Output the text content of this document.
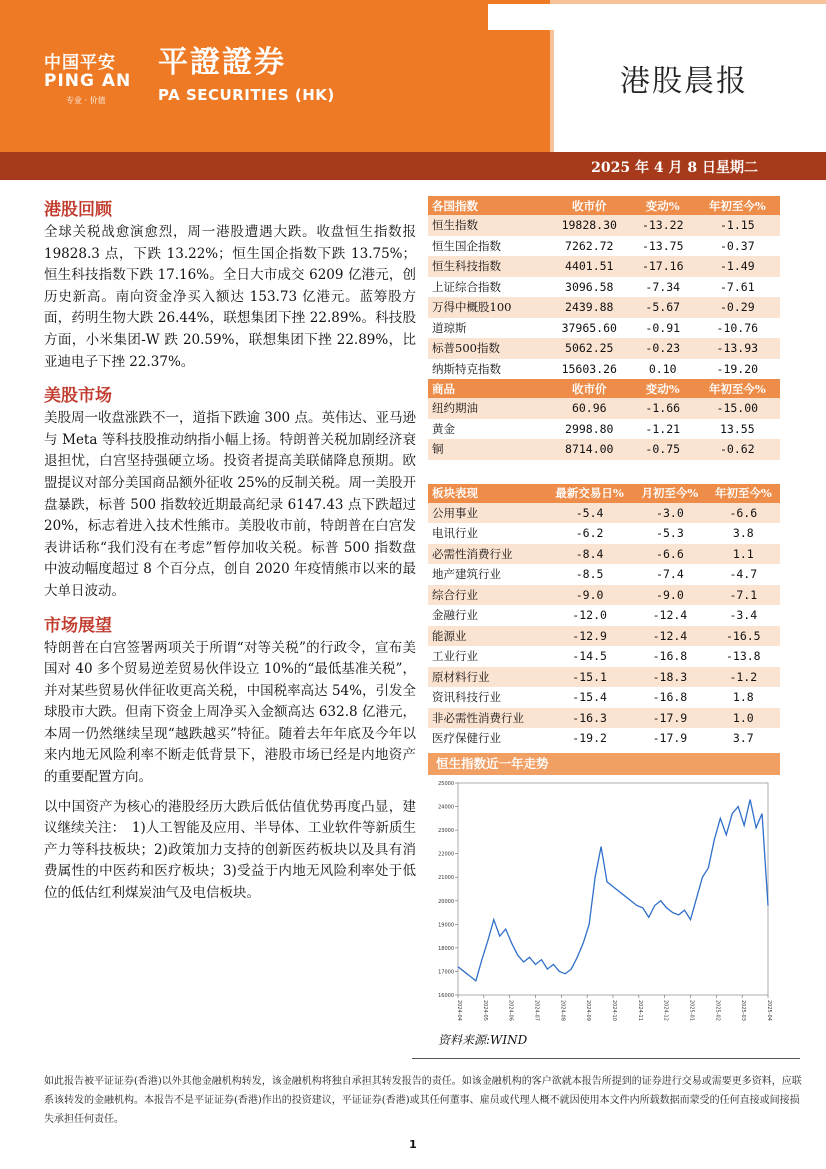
中国平安
PING AN
专业 · 价值
平證證券
PA SECURITIES (HK)	港股晨报
2025 年 4 月 8 日星期二
港股回顾

全球关税战愈演愈烈，周一港股遭遇大跌。收盘恒生指数报 19828.3 点，下跌 13.22%；恒生国企指数下跌 13.75%；恒生科技指数下跌 17.16%。全日大市成交 6209 亿港元，创历史新高。南向资金净买入额达 153.73 亿港元。蓝筹股方面，药明生物大跌 26.44%，联想集团下挫 22.89%。科技股方面，小米集团-W 跌 20.59%，联想集团下挫 22.89%，比亚迪电子下挫 22.37%。

美股市场

美股周一收盘涨跌不一，道指下跌逾 300 点。英伟达、亚马逊与 Meta 等科技股推动纳指小幅上扬。特朗普关税加剧经济衰退担忧，白宫坚持强硬立场。投资者提高美联储降息预期。欧盟提议对部分美国商品额外征收 25%的反制关税。周一美股开盘暴跌，标普 500 指数较近期最高纪录 6147.43 点下跌超过 20%，标志着进入技术性熊市。美股收市前，特朗普在白宫发表讲话称“我们没有在考虑”暂停加收关税。标普 500 指数盘中波动幅度超过 8 个百分点，创自 2020 年疫情熊市以来的最大单日波动。

市场展望

特朗普在白宫签署两项关于所谓“对等关税”的行政令，宣布美国对 40 多个贸易逆差贸易伙伴设立 10%的“最低基准关税”，并对某些贸易伙伴征收更高关税，中国税率高达 54%，引发全球股市大跌。但南下资金上周净买入金额高达 632.8 亿港元，本周一仍然继续呈现“越跌越买”特征。随着去年年底及今年以来内地无风险利率不断走低背景下，港股市场已经是内地资产的重要配置方向。

以中国资产为核心的港股经历大跌后低估值优势再度凸显，建议继续关注：　1)人工智能及应用、半导体、工业软件等新质生产力等科技板块；2)政策加力支持的创新医药板块以及具有消费属性的中医药和医疗板块；3)受益于内地无风险利率处于低位的低估红利煤炭油气及电信板块。

各国指数	收市价	变动%	年初至今%
恒生指数	19828.30	-13.22	-1.15
恒生国企指数	7262.72	-13.75	-0.37
恒生科技指数	4401.51	-17.16	-1.49
上证综合指数	3096.58	-7.34	-7.61
万得中概股100	2439.88	-5.67	-0.29
道琼斯	37965.60	-0.91	-10.76
标普500指数	5062.25	-0.23	-13.93
纳斯特克指数	15603.26	0.10	-19.20
商品	收市价	变动%	年初至今%
纽约期油	60.96	-1.66	-15.00
黄金	2998.80	-1.21	13.55
铜	8714.00	-0.75	-0.62
板块表现	最新交易日%	月初至今%	年初至今%
公用事业	-5.4	-3.0	-6.6
电讯行业	-6.2	-5.3	3.8
必需性消费行业	-8.4	-6.6	1.1
地产建筑行业	-8.5	-7.4	-4.7
综合行业	-9.0	-9.0	-7.1
金融行业	-12.0	-12.4	-3.4
能源业	-12.9	-12.4	-16.5
工业行业	-14.5	-16.8	-13.8
原材料行业	-15.1	-18.3	-1.2
资讯科技行业	-15.4	-16.8	1.8
非必需性消费行业	-16.3	-17.9	1.0
医疗保健行业	-19.2	-17.9	3.7
恒生指数近一年走势
16000
17000
18000
19000
20000
21000
22000
23000
24000
25000
2024-04	2024-05	2024-06	2024-07	2024-08	2024-09	2024-10	2024-11	2024-12	2025-01	2025-02	2025-03	2025-04
资料来源:WIND
如此报告被平证证券(香港)以外其他金融机构转发，该金融机构将独自承担其转发报告的责任。如该金融机构的客户欲就本报告所提到的证券进行交易或需要更多资料，应联系该转发的金融机构。本报告不是平证证券(香港)作出的投资建议，平证证券(香港)或其任何董事、雇员或代理人概不就因使用本文件内所载数据而蒙受的任何直接或间接损失承担任何责任。
1
